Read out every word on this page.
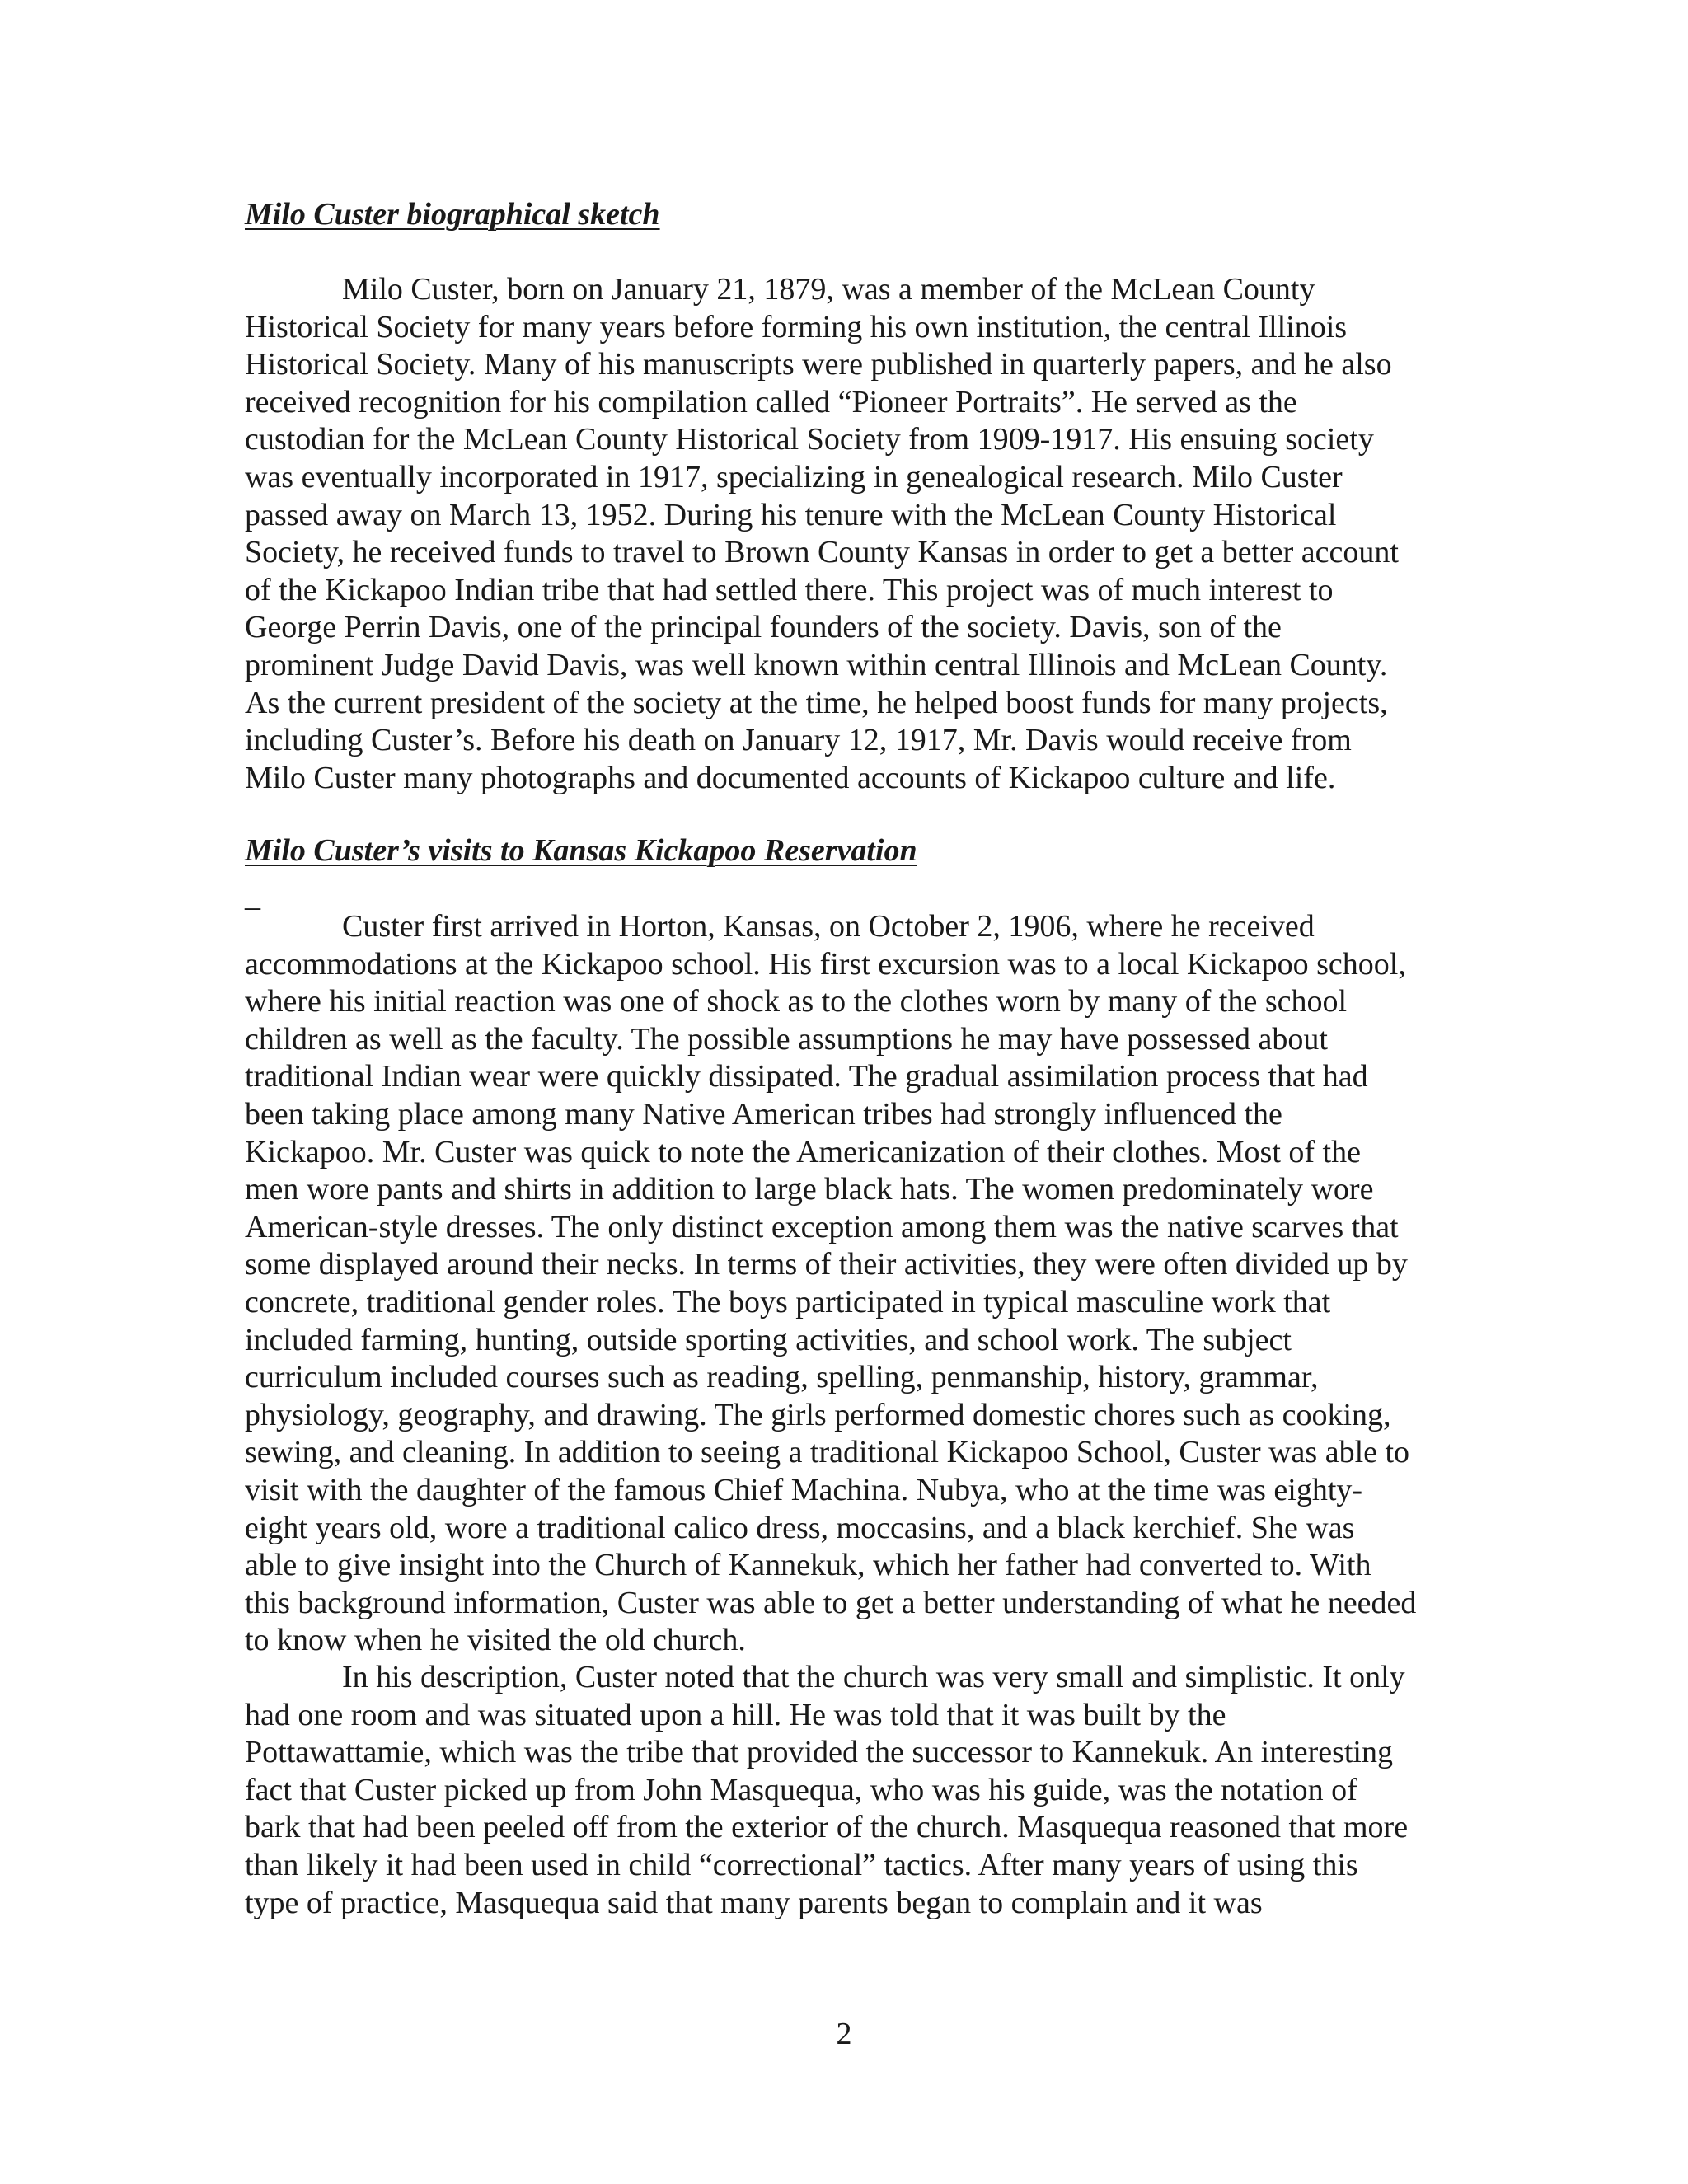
Milo Custer biographical sketch
Milo Custer, born on January 21, 1879, was a member of the McLean County
Historical Society for many years before forming his own institution, the central Illinois
Historical Society. Many of his manuscripts were published in quarterly papers, and he also
received recognition for his compilation called “Pioneer Portraits”. He served as the
custodian for the McLean County Historical Society from 1909-1917. His ensuing society
was eventually incorporated in 1917, specializing in genealogical research. Milo Custer
passed away on March 13, 1952. During his tenure with the McLean County Historical
Society, he received funds to travel to Brown County Kansas in order to get a better account
of the Kickapoo Indian tribe that had settled there. This project was of much interest to
George Perrin Davis, one of the principal founders of the society. Davis, son of the
prominent Judge David Davis, was well known within central Illinois and McLean County.
As the current president of the society at the time, he helped boost funds for many projects,
including Custer’s. Before his death on January 12, 1917, Mr. Davis would receive from
Milo Custer many photographs and documented accounts of Kickapoo culture and life.
Milo Custer’s visits to Kansas Kickapoo Reservation
_
Custer first arrived in Horton, Kansas, on October 2, 1906, where he received
accommodations at the Kickapoo school. His first excursion was to a local Kickapoo school,
where his initial reaction was one of shock as to the clothes worn by many of the school
children as well as the faculty. The possible assumptions he may have possessed about
traditional Indian wear were quickly dissipated. The gradual assimilation process that had
been taking place among many Native American tribes had strongly influenced the
Kickapoo. Mr. Custer was quick to note the Americanization of their clothes. Most of the
men wore pants and shirts in addition to large black hats. The women predominately wore
American-style dresses. The only distinct exception among them was the native scarves that
some displayed around their necks. In terms of their activities, they were often divided up by
concrete, traditional gender roles. The boys participated in typical masculine work that
included farming, hunting, outside sporting activities, and school work. The subject
curriculum included courses such as reading, spelling, penmanship, history, grammar,
physiology, geography, and drawing. The girls performed domestic chores such as cooking,
sewing, and cleaning. In addition to seeing a traditional Kickapoo School, Custer was able to
visit with the daughter of the famous Chief Machina. Nubya, who at the time was eighty-
eight years old, wore a traditional calico dress, moccasins, and a black kerchief. She was
able to give insight into the Church of Kannekuk, which her father had converted to. With
this background information, Custer was able to get a better understanding of what he needed
to know when he visited the old church.
In his description, Custer noted that the church was very small and simplistic. It only
had one room and was situated upon a hill. He was told that it was built by the
Pottawattamie, which was the tribe that provided the successor to Kannekuk. An interesting
fact that Custer picked up from John Masquequa, who was his guide, was the notation of
bark that had been peeled off from the exterior of the church. Masquequa reasoned that more
than likely it had been used in child “correctional” tactics. After many years of using this
type of practice, Masquequa said that many parents began to complain and it was

2
